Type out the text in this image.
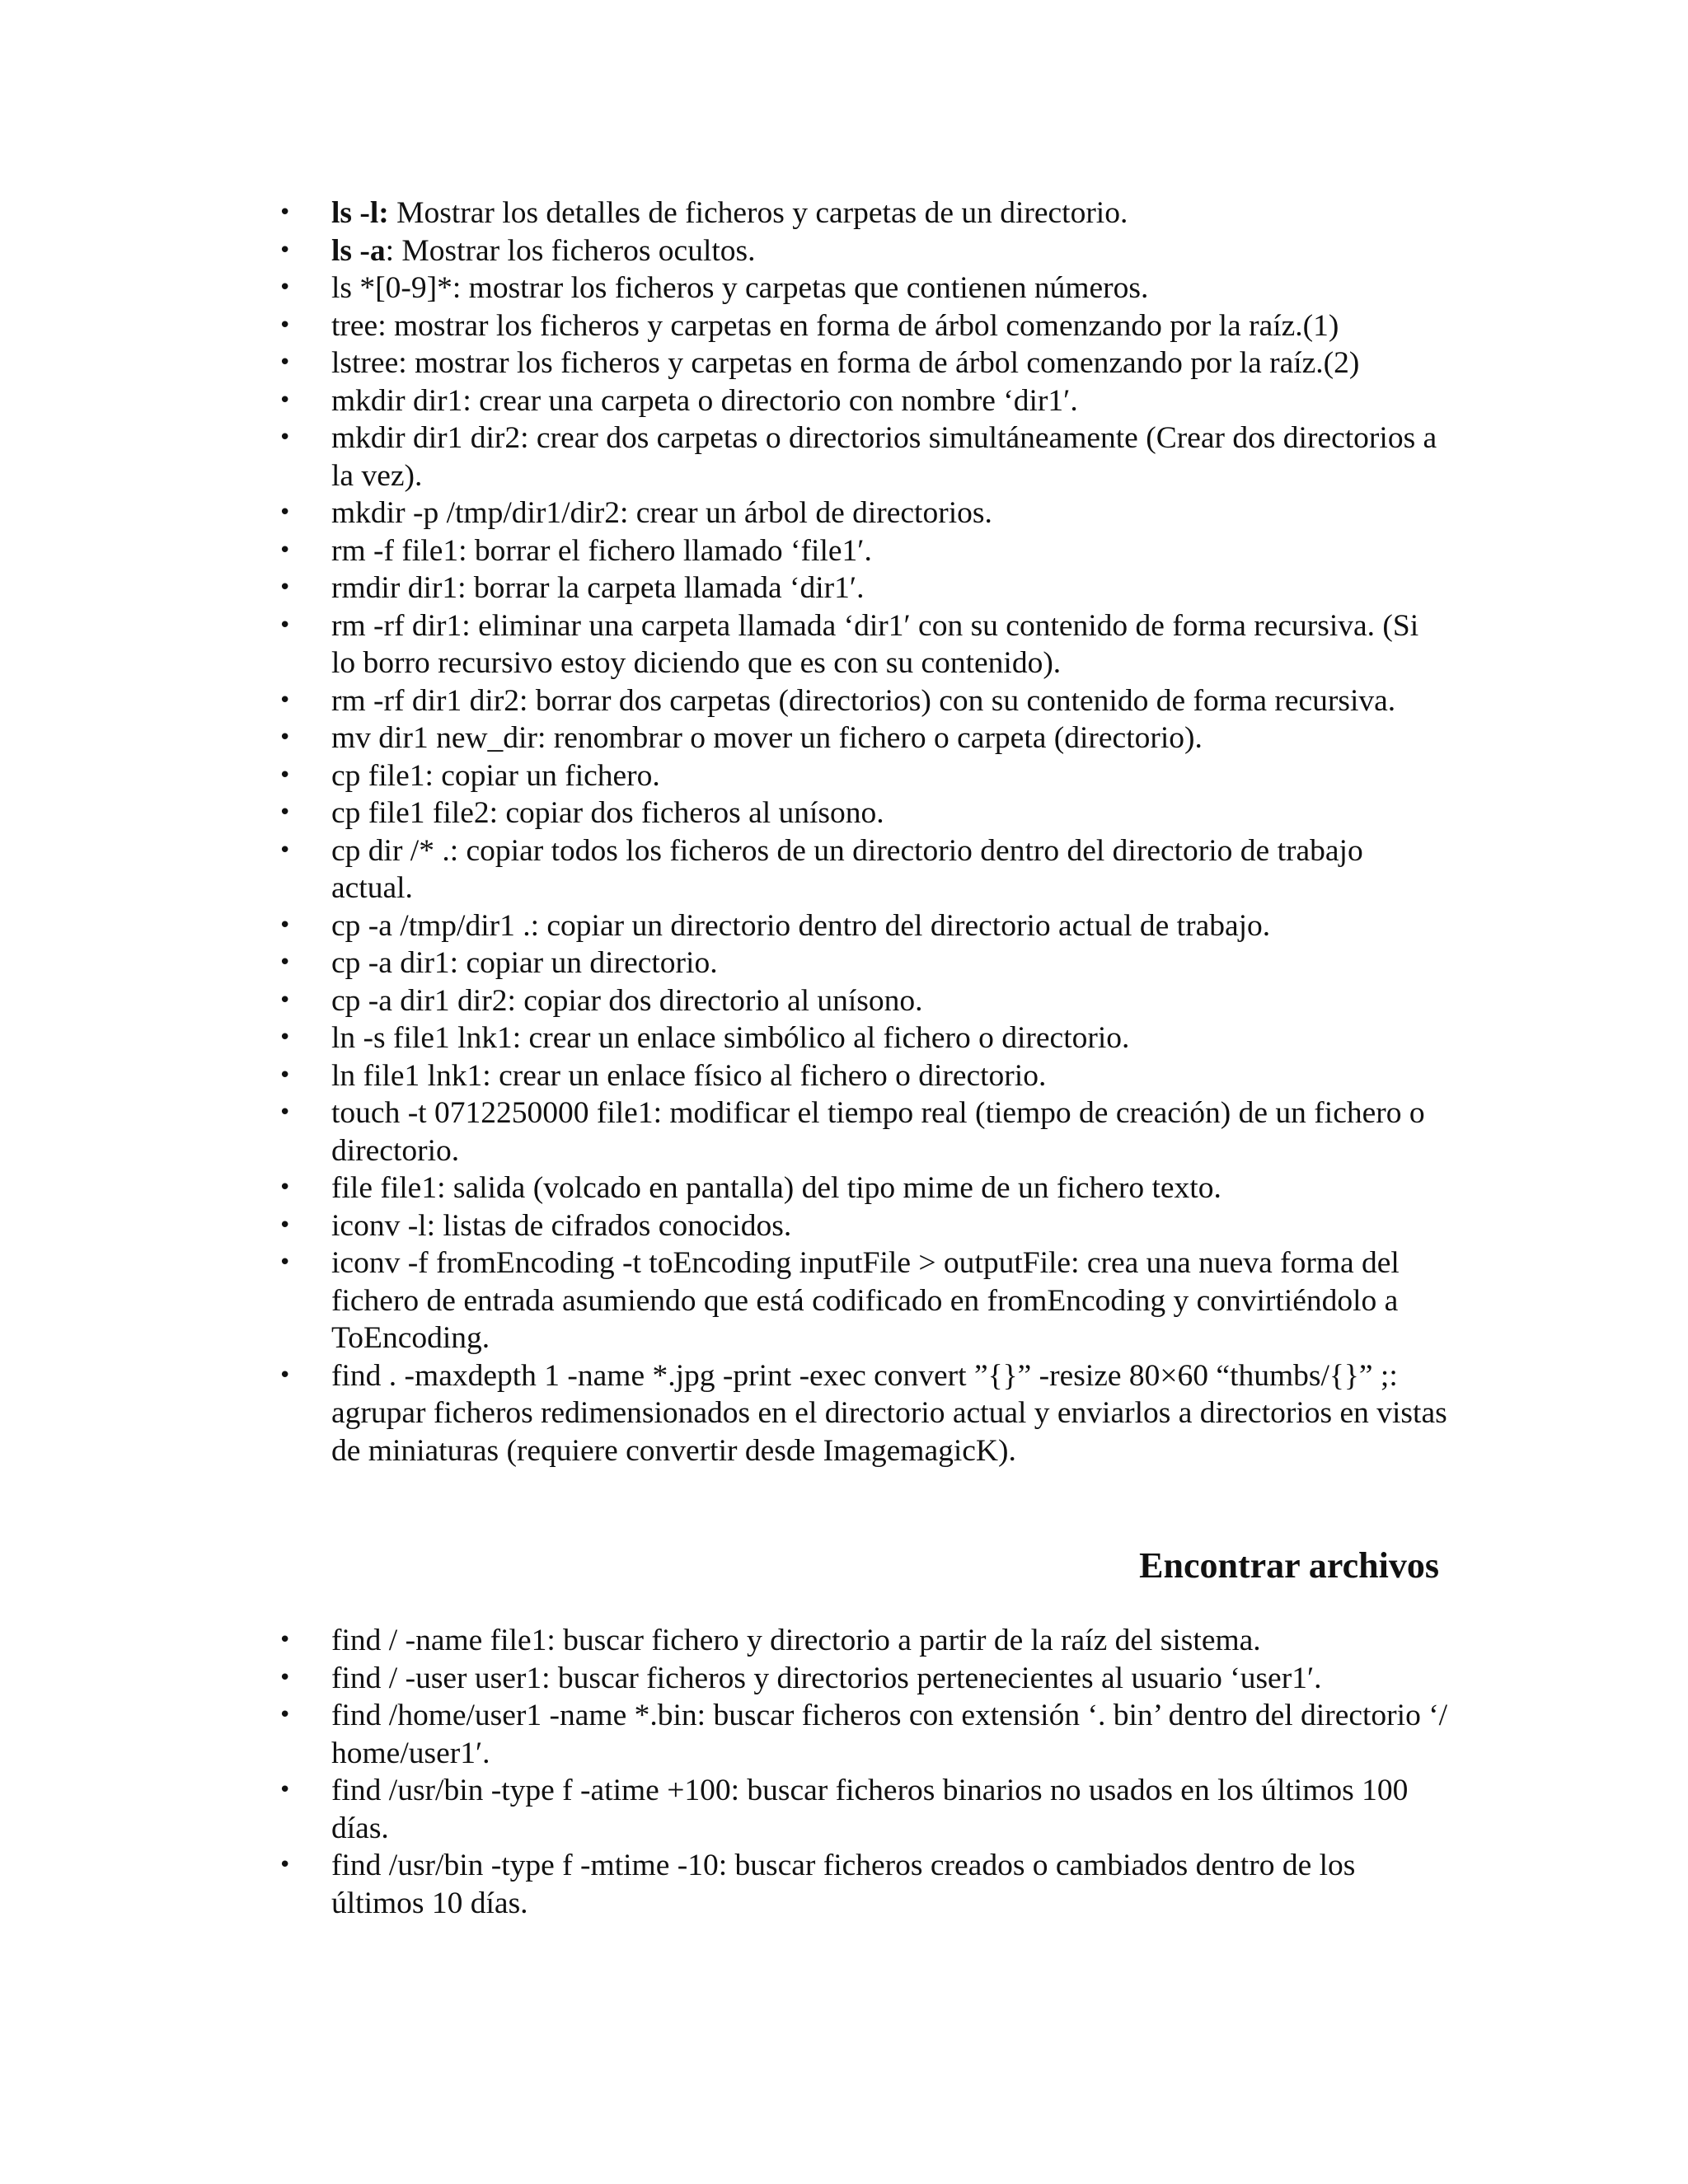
•	ls -l: Mostrar los detalles de ficheros y carpetas de un directorio.
•	ls -a: Mostrar los ficheros ocultos.
•	ls *[0-9]*: mostrar los ficheros y carpetas que contienen números.
•	tree: mostrar los ficheros y carpetas en forma de árbol comenzando por la raíz.(1)
•	lstree: mostrar los ficheros y carpetas en forma de árbol comenzando por la raíz.(2)
•	mkdir dir1: crear una carpeta o directorio con nombre ‘dir1′.
•	mkdir dir1 dir2: crear dos carpetas o directorios simultáneamente (Crear dos directorios a la vez).
•	mkdir -p /tmp/dir1/dir2: crear un árbol de directorios.
•	rm -f file1: borrar el fichero llamado ‘file1′.
•	rmdir dir1: borrar la carpeta llamada ‘dir1′.
•	rm -rf dir1: eliminar una carpeta llamada ‘dir1′ con su contenido de forma recursiva. (Si lo borro recursivo estoy diciendo que es con su contenido).
•	rm -rf dir1 dir2: borrar dos carpetas (directorios) con su contenido de forma recursiva.
•	mv dir1 new_dir: renombrar o mover un fichero o carpeta (directorio).
•	cp file1: copiar un fichero.
•	cp file1 file2: copiar dos ficheros al unísono.
•	cp dir /* .: copiar todos los ficheros de un directorio dentro del directorio de trabajo actual.
•	cp -a /tmp/dir1 .: copiar un directorio dentro del directorio actual de trabajo.
•	cp -a dir1: copiar un directorio.
•	cp -a dir1 dir2: copiar dos directorio al unísono.
•	ln -s file1 lnk1: crear un enlace simbólico al fichero o directorio.
•	ln file1 lnk1: crear un enlace físico al fichero o directorio.
•	touch -t 0712250000 file1: modificar el tiempo real (tiempo de creación) de un fichero o directorio.
•	file file1: salida (volcado en pantalla) del tipo mime de un fichero texto.
•	iconv -l: listas de cifrados conocidos.
•	iconv -f fromEncoding -t toEncoding inputFile > outputFile: crea una nueva forma del fichero de entrada asumiendo que está codificado en fromEncoding y convirtiéndolo a ToEncoding.
•	find . -maxdepth 1 -name *.jpg -print -exec convert ”{}” -resize 80×60 “thumbs/{}” ;: agrupar ficheros redimensionados en el directorio actual y enviarlos a directorios en vistas de miniaturas (requiere convertir desde ImagemagicK).
Encontrar archivos
•	find / -name file1: buscar fichero y directorio a partir de la raíz del sistema.
•	find / -user user1: buscar ficheros y directorios pertenecientes al usuario ‘user1′.
•	find /home/user1 -name *.bin: buscar ficheros con extensión ‘. bin’ dentro del directorio ‘/ home/user1′.
•	find /usr/bin -type f -atime +100: buscar ficheros binarios no usados en los últimos 100 días.
•	find /usr/bin -type f -mtime -10: buscar ficheros creados o cambiados dentro de los últimos 10 días.
